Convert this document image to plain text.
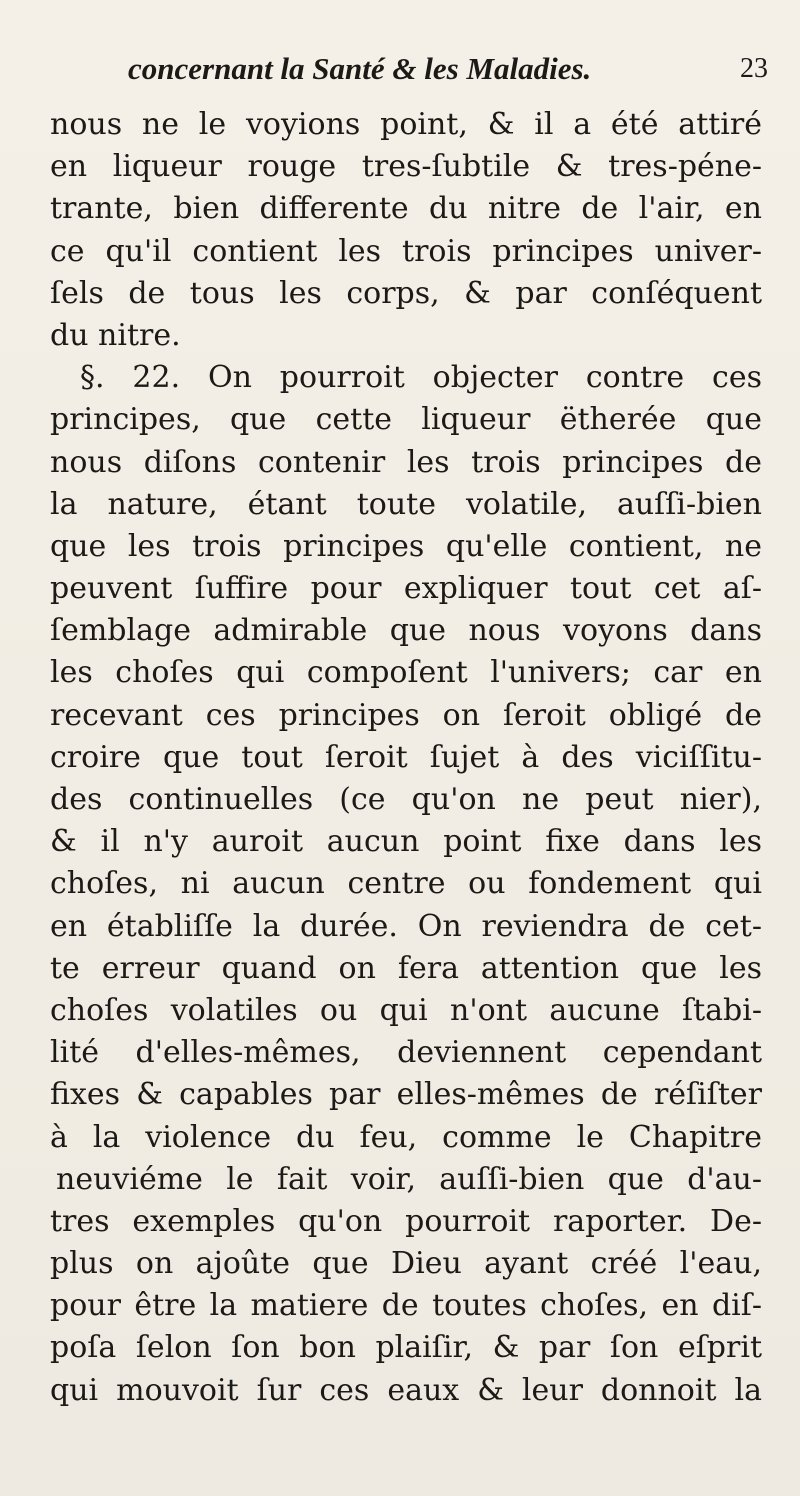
concernant la Santé & les Maladies.	23
nous ne le voyions point, & il a été attiré
en liqueur rouge tres-ſubtile & tres-péne-
trante, bien differente du nitre de l'air, en
ce qu'il contient les trois principes univer-
ſels de tous les corps, & par conſéquent
du nitre.
§. 22. On pourroit objecter contre ces
principes, que cette liqueur ëtherée que
nous diſons contenir les trois principes de
la nature, étant toute volatile, auſſi-bien
que les trois principes qu'elle contient, ne
peuvent ſuffire pour expliquer tout cet aſ-
ſemblage admirable que nous voyons dans
les choſes qui compoſent l'univers; car en
recevant ces principes on ſeroit obligé de
croire que tout ſeroit ſujet à des viciſſitu-
des continuelles (ce qu'on ne peut nier),
& il n'y auroit aucun point fixe dans les
choſes, ni aucun centre ou fondement qui
en établiſſe la durée. On reviendra de cet-
te erreur quand on fera attention que les
choſes volatiles ou qui n'ont aucune ſtabi-
lité d'elles-mêmes, deviennent cependant
fixes & capables par elles-mêmes de réſiſter
à la violence du feu, comme le Chapitre
neuviéme le fait voir, auſſi-bien que d'au-
tres exemples qu'on pourroit raporter. De-
plus on ajoûte que Dieu ayant créé l'eau,
pour être la matiere de toutes choſes, en diſ-
poſa ſelon ſon bon plaiſir, & par ſon eſprit
qui mouvoit ſur ces eaux & leur donnoit la
